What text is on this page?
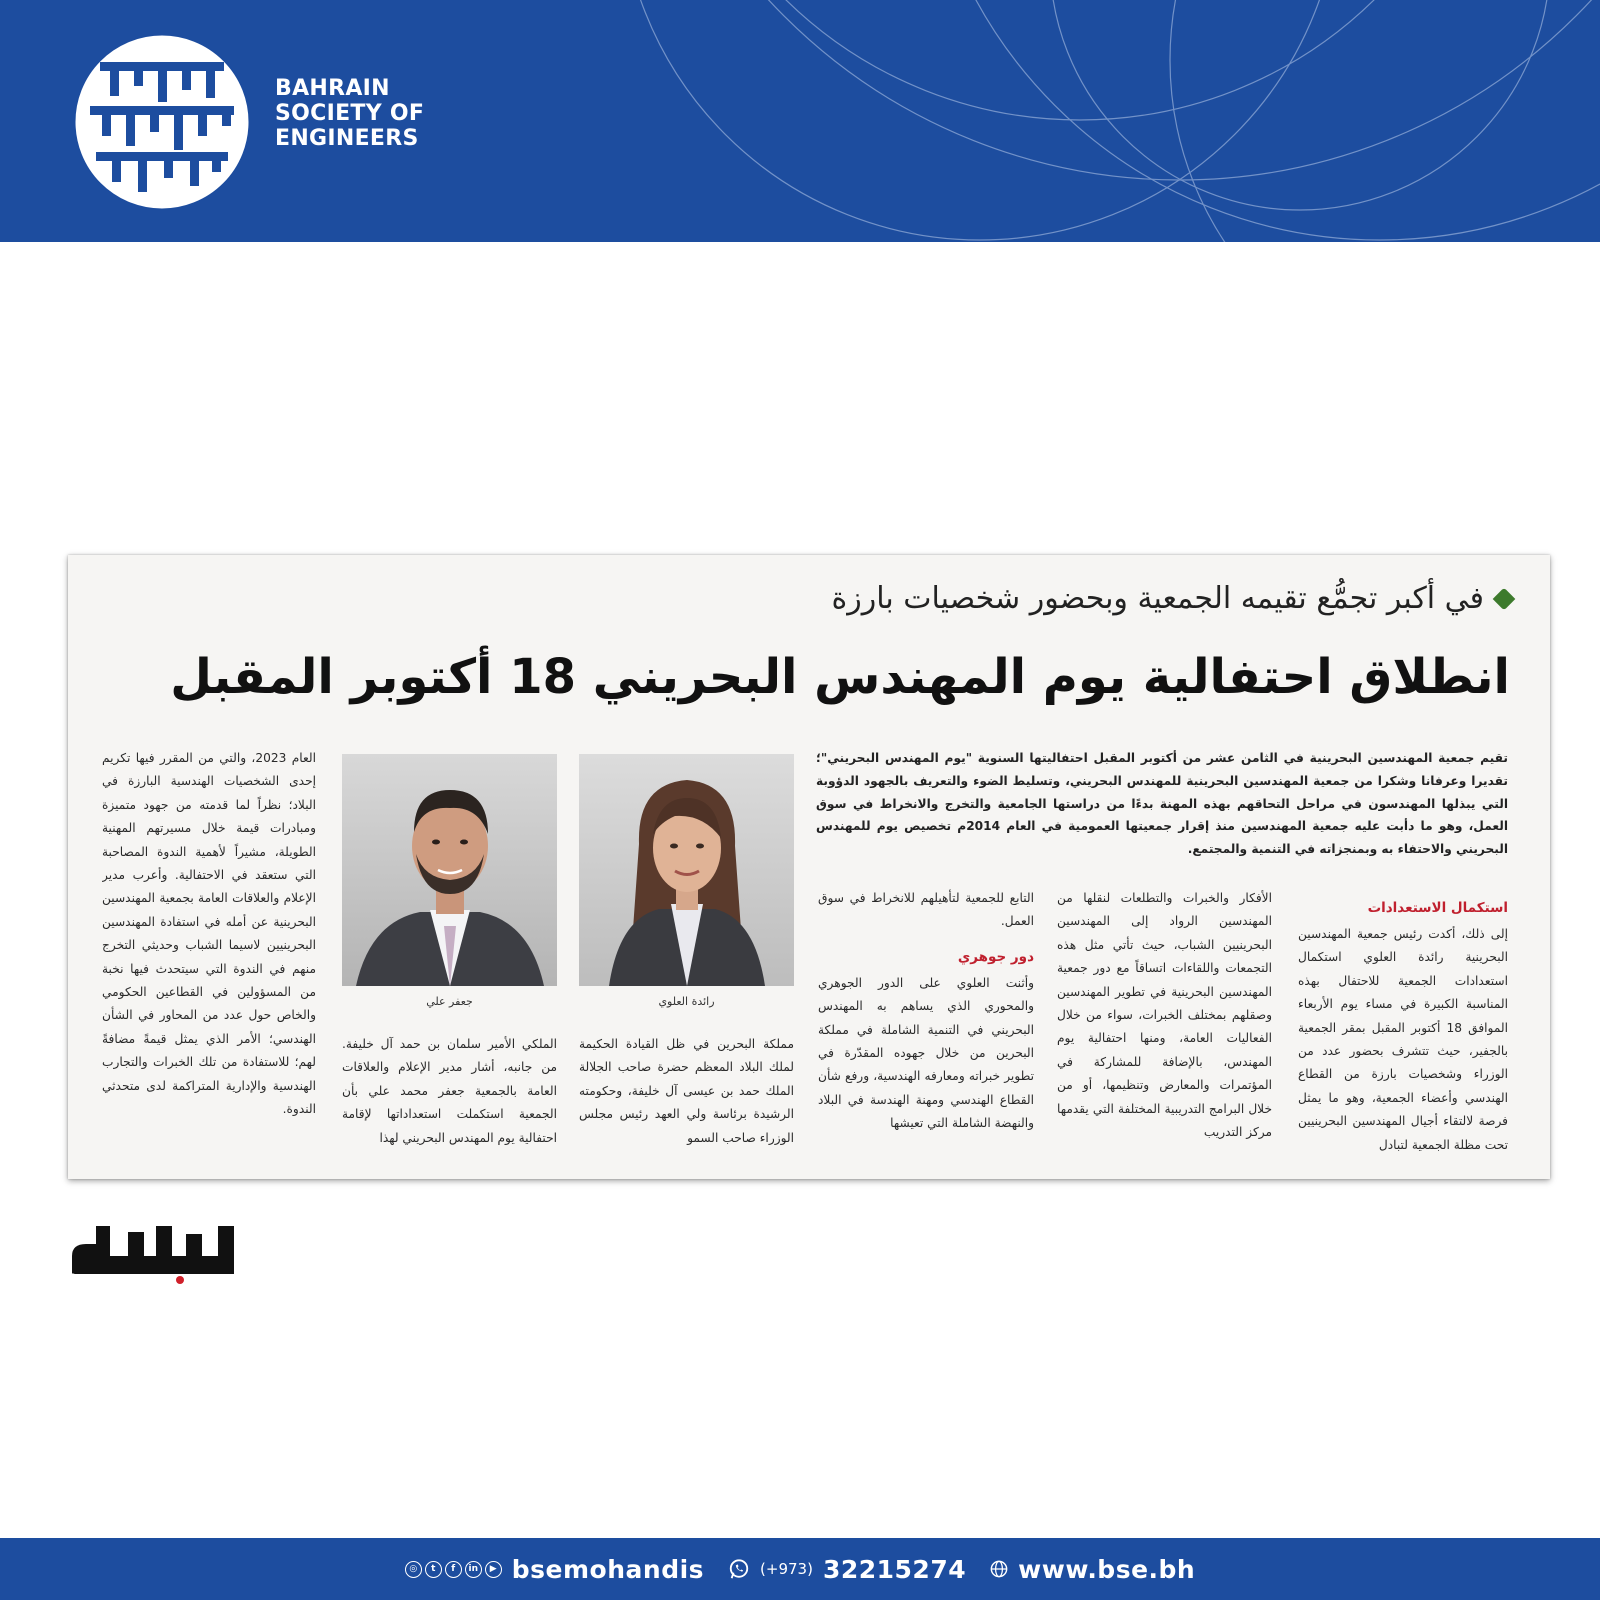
BAHRAIN
SOCIETY OF
ENGINEERS
في أكبر تجمُّع تقيمه الجمعية وبحضور شخصيات بارزة
انطلاق احتفالية يوم المهندس البحريني 18 أكتوبر المقبل
تقيم جمعية المهندسين البحرينية في الثامن عشر من أكتوبر المقبل احتفاليتها السنوية "يوم المهندس البحريني"؛ تقديرا وعرفانا وشكرا من جمعية المهندسين البحرينية للمهندس البحريني، وتسليط الضوء والتعريف بالجهود الدؤوبة التي يبذلها المهندسون في مراحل التحاقهم بهذه المهنة بدءًا من دراستها الجامعية والتخرج والانخراط في سوق العمل، وهو ما دأبت عليه جمعية المهندسين منذ إقرار جمعيتها العمومية في العام 2014م تخصيص يوم للمهندس البحريني والاحتفاء به وبمنجزاته في التنمية والمجتمع.
استكمال الاستعدادات
إلى ذلك، أكدت رئيس جمعية المهندسين البحرينية رائدة العلوي استكمال استعدادات الجمعية للاحتفال بهذه المناسبة الكبيرة في مساء يوم الأربعاء الموافق 18 أكتوبر المقبل بمقر الجمعية بالجفير، حيث تتشرف بحضور عدد من الوزراء وشخصيات بارزة من القطاع الهندسي وأعضاء الجمعية، وهو ما يمثل فرصة لالتقاء أجيال المهندسين البحرينيين تحت مظلة الجمعية لتبادل
الأفكار والخبرات والتطلعات لنقلها من المهندسين الرواد إلى المهندسين البحرينيين الشباب، حيث تأتي مثل هذه التجمعات واللقاءات اتساقاً مع دور جمعية المهندسين البحرينية في تطوير المهندسين وصقلهم بمختلف الخبرات، سواء من خلال الفعاليات العامة، ومنها احتفالية يوم المهندس، بالإضافة للمشاركة في المؤتمرات والمعارض وتنظيمها، أو من خلال البرامج التدريبية المختلفة التي يقدمها مركز التدريب
التابع للجمعية لتأهيلهم للانخراط في سوق العمل.
دور جوهري
وأثنت العلوي على الدور الجوهري والمحوري الذي يساهم به المهندس البحريني في التنمية الشاملة في مملكة البحرين من خلال جهوده المقدّرة في تطوير خبراته ومعارفه الهندسية، ورفع شأن القطاع الهندسي ومهنة الهندسة في البلاد والنهضة الشاملة التي تعيشها
رائدة العلوي
جعفر علي
مملكة البحرين في ظل القيادة الحكيمة لملك البلاد المعظم حضرة صاحب الجلالة الملك حمد بن عيسى آل خليفة، وحكومته الرشيدة برئاسة ولي العهد رئيس مجلس الوزراء صاحب السمو
الملكي الأمير سلمان بن حمد آل خليفة. من جانبه، أشار مدير الإعلام والعلاقات العامة بالجمعية جعفر محمد علي بأن الجمعية استكملت استعداداتها لإقامة احتفالية يوم المهندس البحريني لهذا
العام 2023، والتي من المقرر فيها تكريم إحدى الشخصيات الهندسية البارزة في البلاد؛ نظراً لما قدمته من جهود متميزة ومبادرات قيمة خلال مسيرتهم المهنية الطويلة، مشيراً لأهمية الندوة المصاحبة التي ستعقد في الاحتفالية. وأعرب مدير الإعلام والعلاقات العامة بجمعية المهندسين البحرينية عن أمله في استفادة المهندسين البحرينيين لاسيما الشباب وحديثي التخرج منهم في الندوة التي سيتحدث فيها نخبة من المسؤولين في القطاعين الحكومي والخاص حول عدد من المحاور في الشأن الهندسي؛ الأمر الذي يمثل قيمةً مضافةً لهم؛ للاستفادة من تلك الخبرات والتجارب الهندسية والإدارية المتراكمة لدى متحدثي الندوة.
◎	t	f	in	▶ bsemohandis	(+973) 32215274 www.bse.bh
